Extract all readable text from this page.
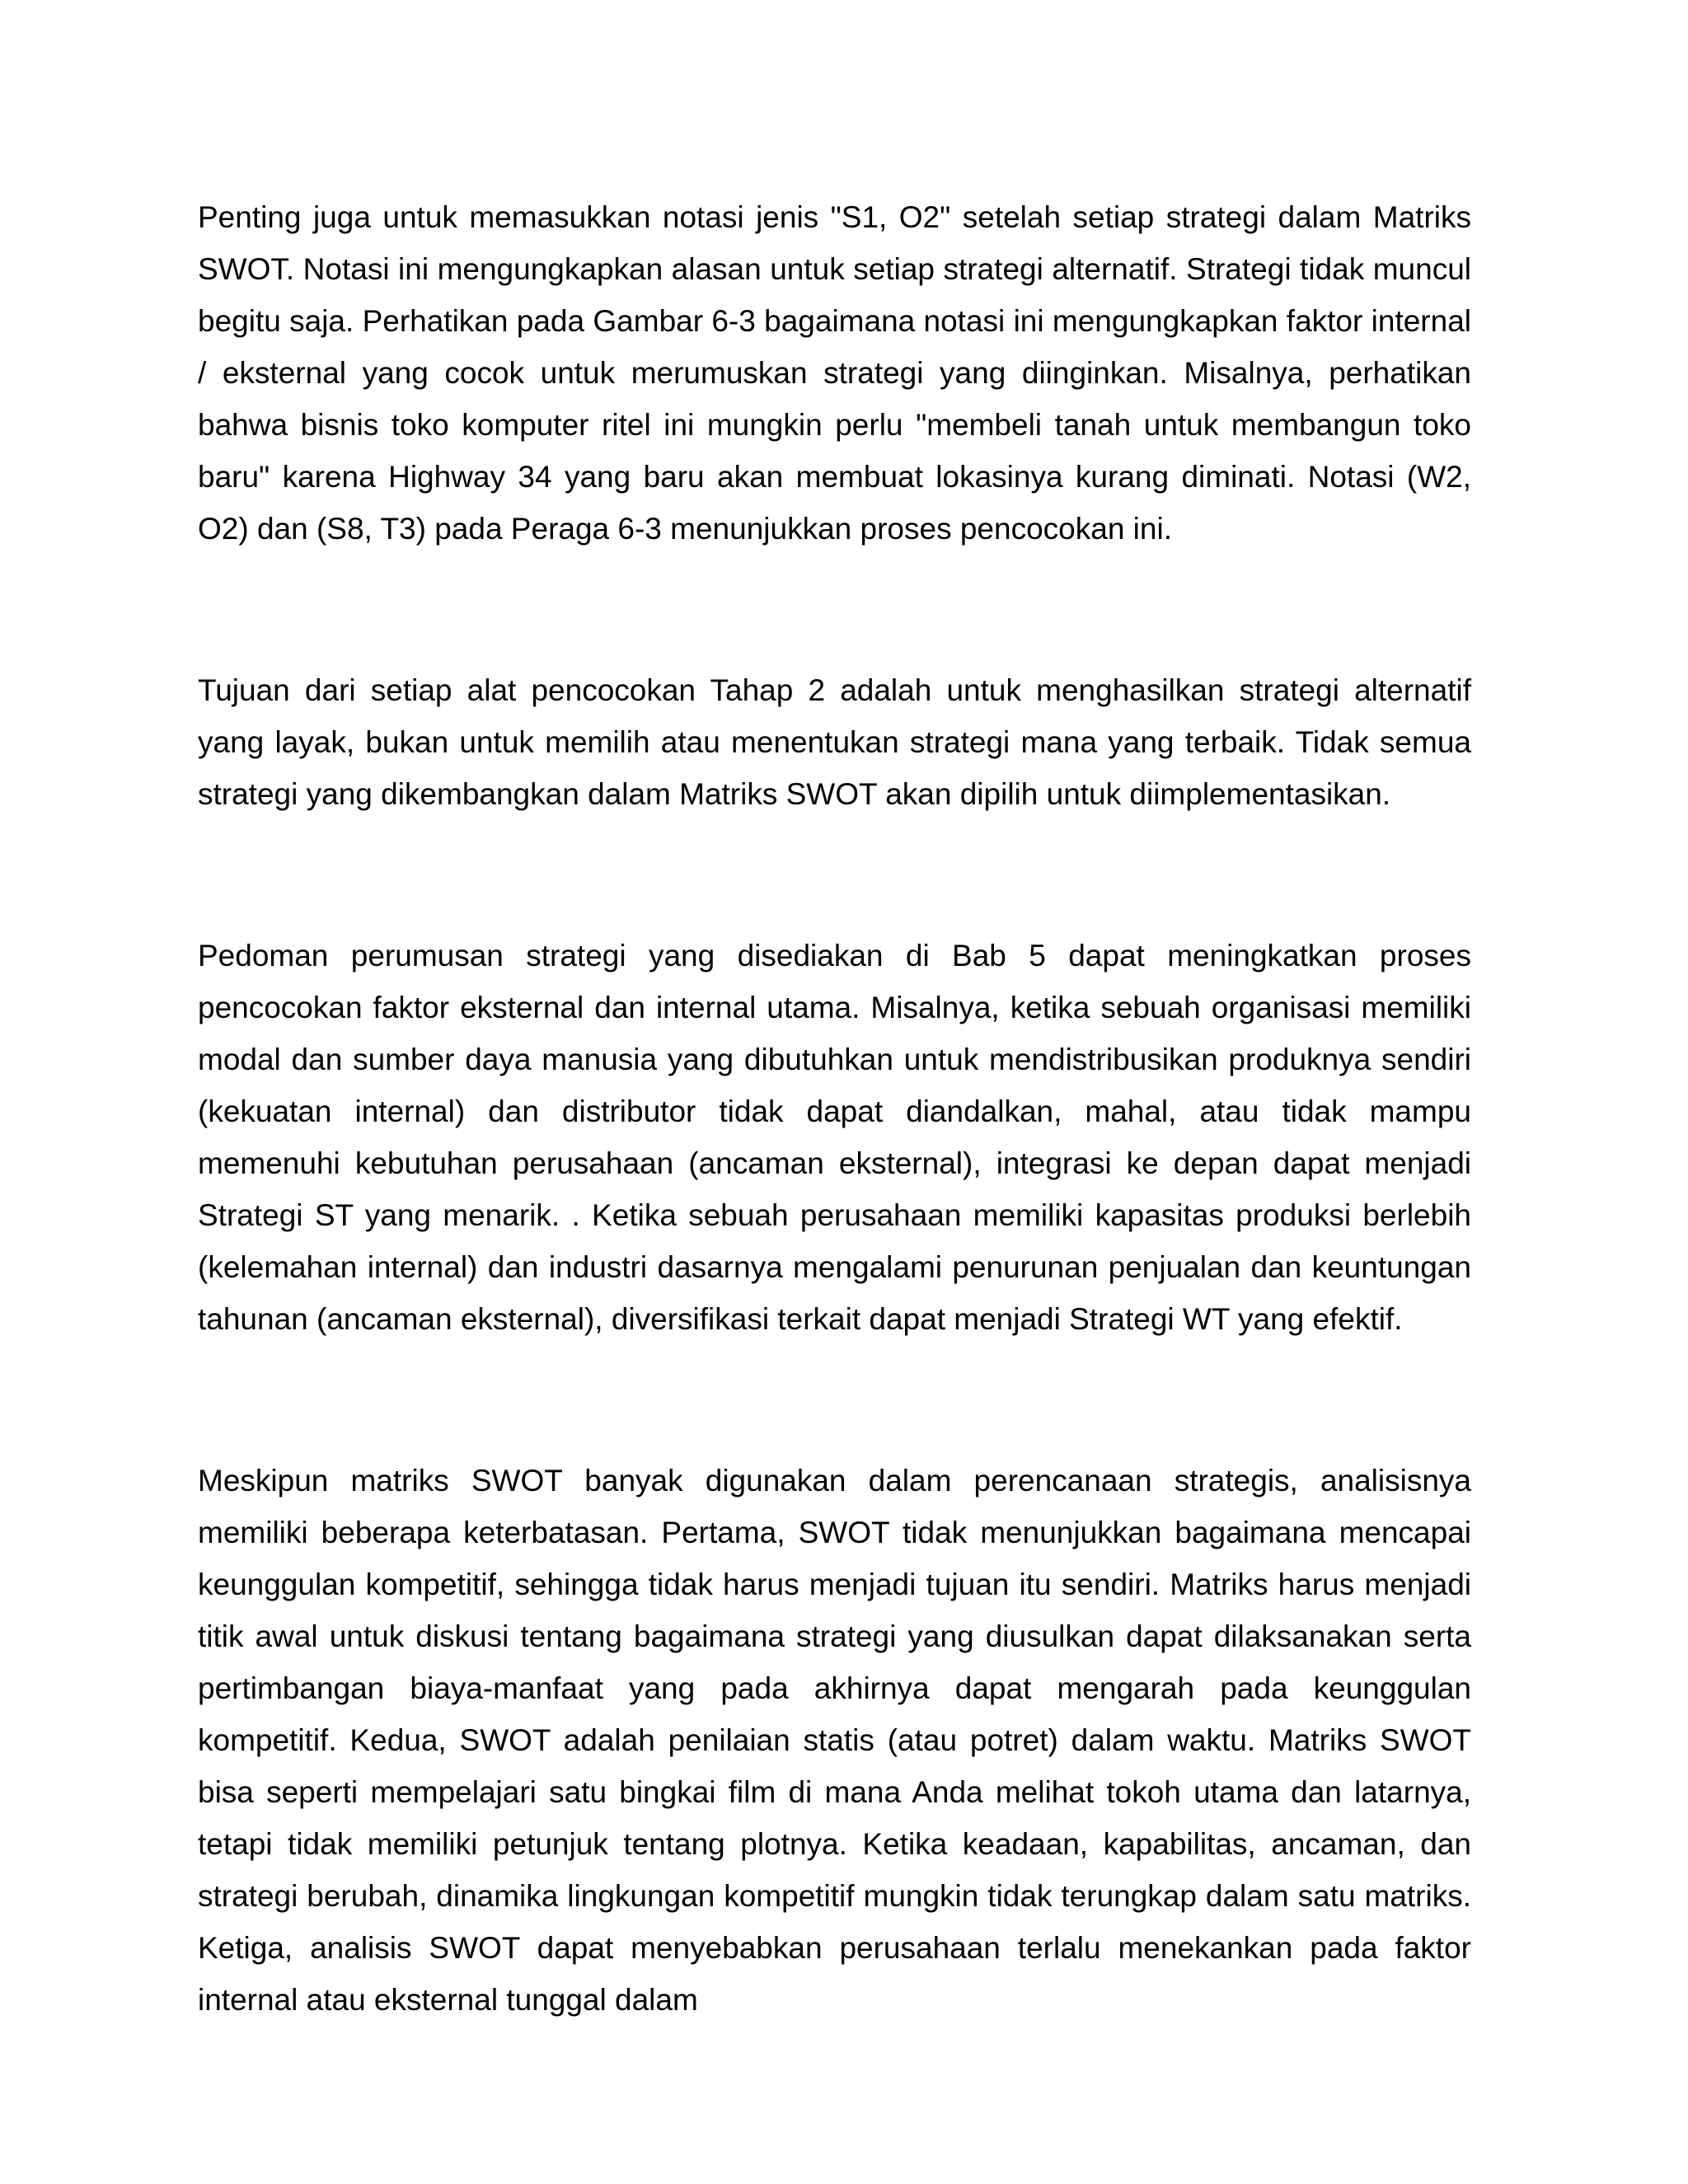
Penting juga untuk memasukkan notasi jenis "S1, O2" setelah setiap strategi dalam Matriks SWOT. Notasi ini mengungkapkan alasan untuk setiap strategi alternatif. Strategi tidak muncul begitu saja. Perhatikan pada Gambar 6-3 bagaimana notasi ini mengungkapkan faktor internal / eksternal yang cocok untuk merumuskan strategi yang diinginkan. Misalnya, perhatikan bahwa bisnis toko komputer ritel ini mungkin perlu "membeli tanah untuk membangun toko baru" karena Highway 34 yang baru akan membuat lokasinya kurang diminati. Notasi (W2, O2) dan (S8, T3) pada Peraga 6-3 menunjukkan proses pencocokan ini.

Tujuan dari setiap alat pencocokan Tahap 2 adalah untuk menghasilkan strategi alternatif yang layak, bukan untuk memilih atau menentukan strategi mana yang terbaik. Tidak semua strategi yang dikembangkan dalam Matriks SWOT akan dipilih untuk diimplementasikan.

Pedoman perumusan strategi yang disediakan di Bab 5 dapat meningkatkan proses pencocokan faktor eksternal dan internal utama. Misalnya, ketika sebuah organisasi memiliki modal dan sumber daya manusia yang dibutuhkan untuk mendistribusikan produknya sendiri (kekuatan internal) dan distributor tidak dapat diandalkan, mahal, atau tidak mampu memenuhi kebutuhan perusahaan (ancaman eksternal), integrasi ke depan dapat menjadi Strategi ST yang menarik. . Ketika sebuah perusahaan memiliki kapasitas produksi berlebih (kelemahan internal) dan industri dasarnya mengalami penurunan penjualan dan keuntungan tahunan (ancaman eksternal), diversifikasi terkait dapat menjadi Strategi WT yang efektif.

Meskipun matriks SWOT banyak digunakan dalam perencanaan strategis, analisisnya memiliki beberapa keterbatasan. Pertama, SWOT tidak menunjukkan bagaimana mencapai keunggulan kompetitif, sehingga tidak harus menjadi tujuan itu sendiri. Matriks harus menjadi titik awal untuk diskusi tentang bagaimana strategi yang diusulkan dapat dilaksanakan serta pertimbangan biaya-manfaat yang pada akhirnya dapat mengarah pada keunggulan kompetitif. Kedua, SWOT adalah penilaian statis (atau potret) dalam waktu. Matriks SWOT bisa seperti mempelajari satu bingkai film di mana Anda melihat tokoh utama dan latarnya, tetapi tidak memiliki petunjuk tentang plotnya. Ketika keadaan, kapabilitas, ancaman, dan strategi berubah, dinamika lingkungan kompetitif mungkin tidak terungkap dalam satu matriks. Ketiga, analisis SWOT dapat menyebabkan perusahaan terlalu menekankan pada faktor internal atau eksternal tunggal dalam
